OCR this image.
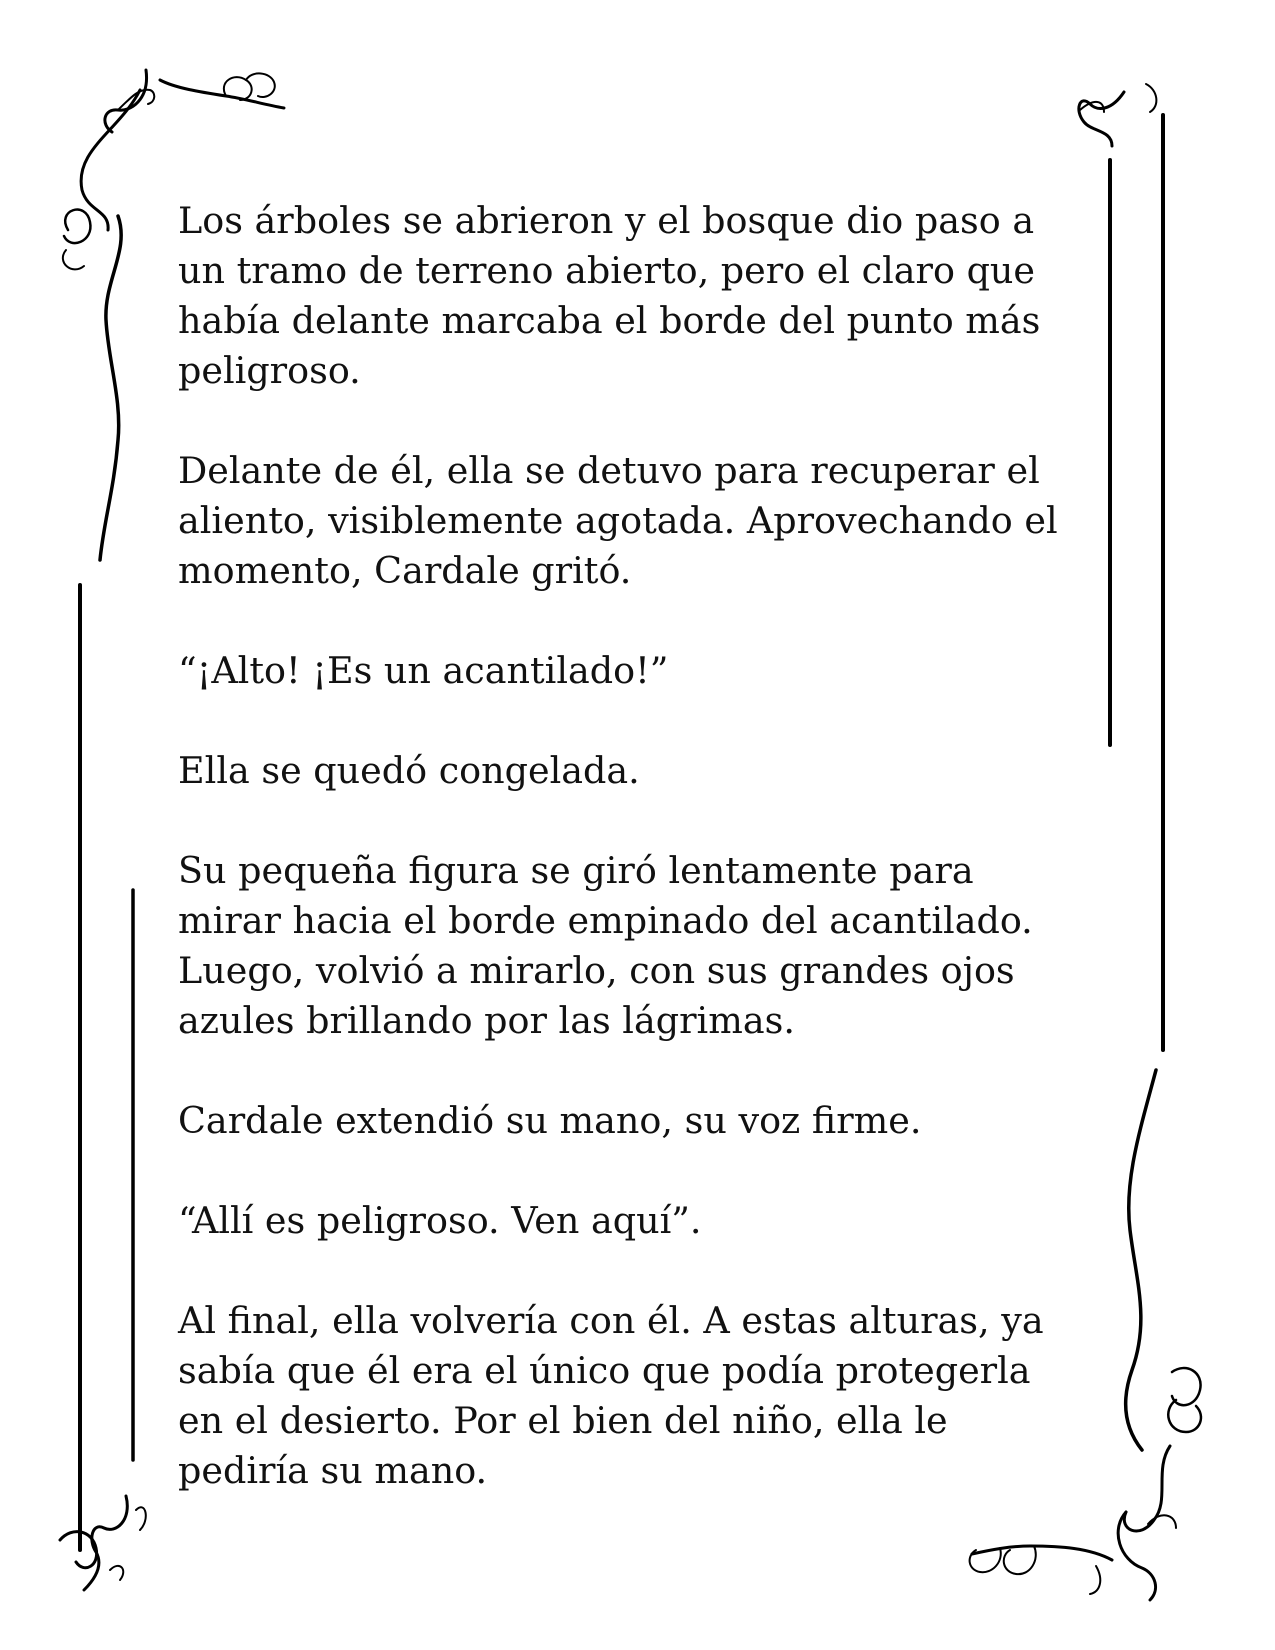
Los árboles se abrieron y el bosque dio paso a
un tramo de terreno abierto, pero el claro que
había delante marcaba el borde del punto más
peligroso.

Delante de él, ella se detuvo para recuperar el
aliento, visiblemente agotada. Aprovechando el
momento, Cardale gritó.

“¡Alto! ¡Es un acantilado!”

Ella se quedó congelada.

Su pequeña figura se giró lentamente para
mirar hacia el borde empinado del acantilado.
Luego, volvió a mirarlo, con sus grandes ojos
azules brillando por las lágrimas.

Cardale extendió su mano, su voz firme.

“Allí es peligroso. Ven aquí”.

Al final, ella volvería con él. A estas alturas, ya
sabía que él era el único que podía protegerla
en el desierto. Por el bien del niño, ella le
pediría su mano.
